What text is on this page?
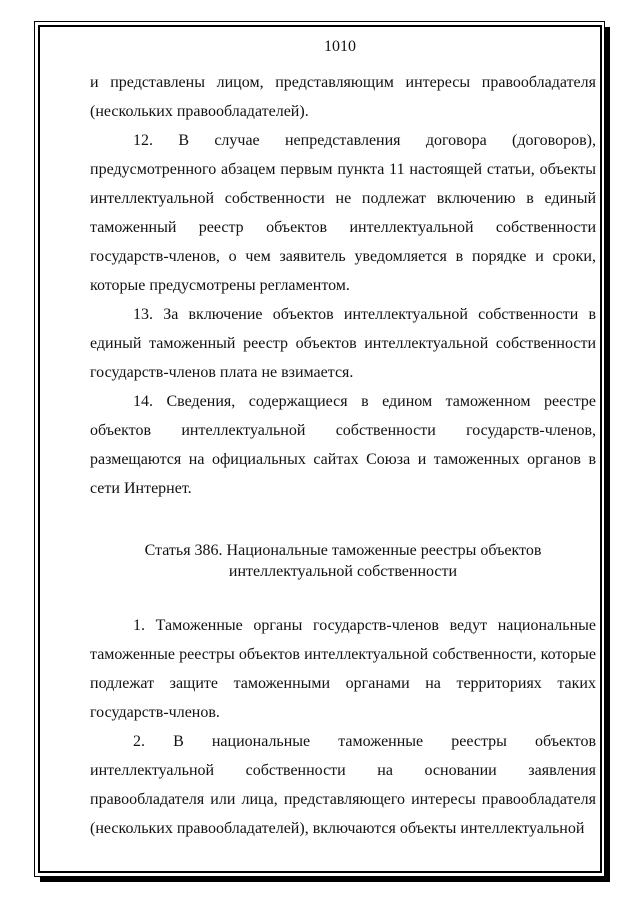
1010

и представлены лицом, представляющим интересы правообладателя (нескольких правообладателей).

12. В случае непредставления договора (договоров), предусмотренного абзацем первым пункта 11 настоящей статьи, объекты интеллектуальной собственности не подлежат включению в единый таможенный реестр объектов интеллектуальной собственности государств-членов, о чем заявитель уведомляется в порядке и сроки, которые предусмотрены регламентом.

13. За включение объектов интеллектуальной собственности в единый таможенный реестр объектов интеллектуальной собственности государств-членов плата не взимается.

14. Сведения, содержащиеся в едином таможенном реестре объектов интеллектуальной собственности государств-членов, размещаются на официальных сайтах Союза и таможенных органов в сети Интернет.

Статья 386. Национальные таможенные реестры объектов
интеллектуальной собственности

1. Таможенные органы государств-членов ведут национальные таможенные реестры объектов интеллектуальной собственности, которые подлежат защите таможенными органами на территориях таких государств-членов.

2. В национальные таможенные реестры объектов интеллектуальной собственности на основании заявления правообладателя или лица, представляющего интересы правообладателя (нескольких правообладателей), включаются объекты интеллектуальной
